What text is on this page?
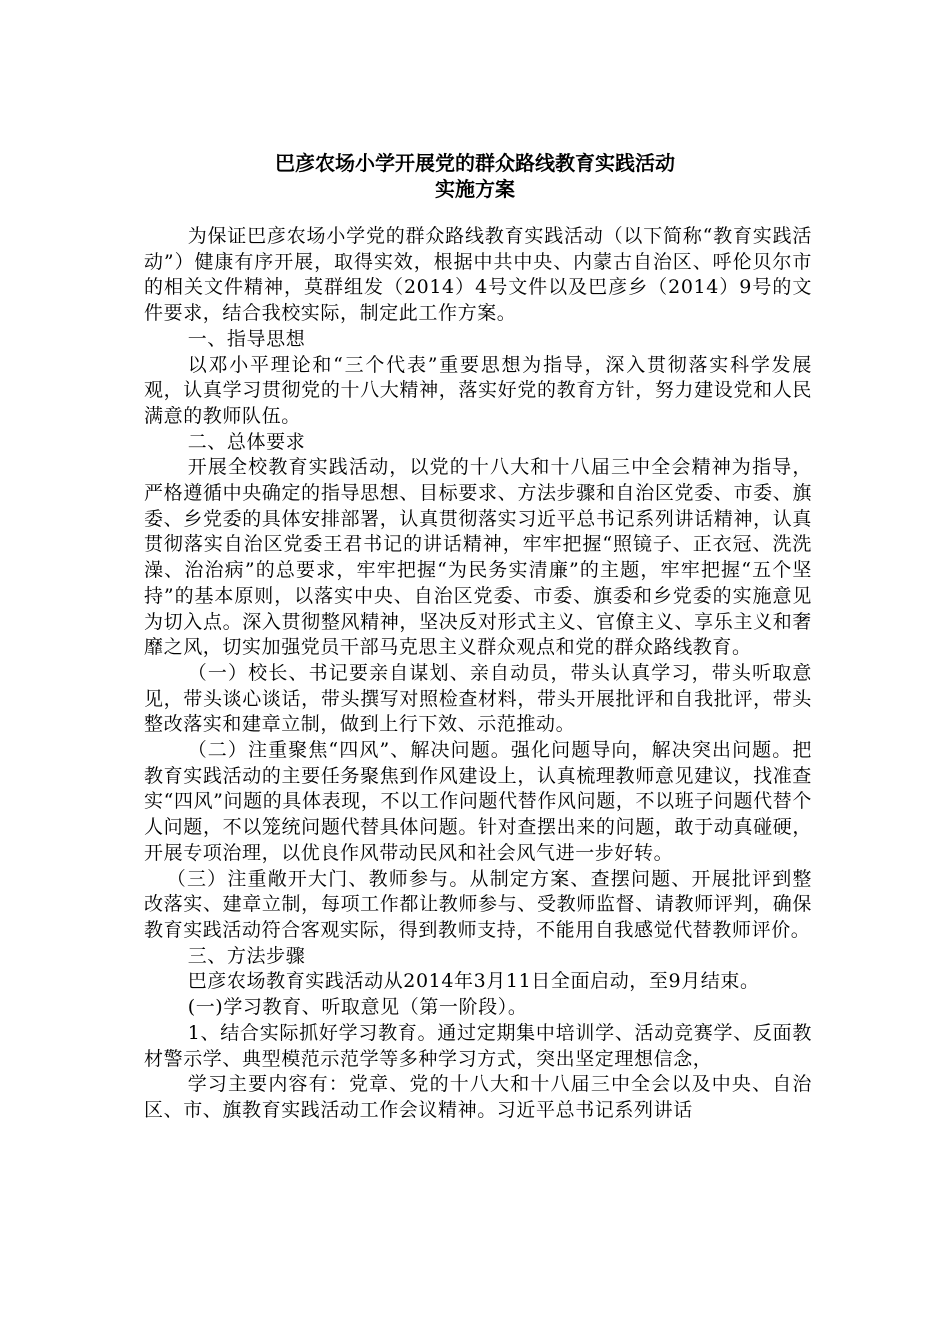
巴彦农场小学开展党的群众路线教育实践活动
实施方案

为保证巴彦农场小学党的群众路线教育实践活动（以下简称“教育实践活动”）健康有序开展，取得实效，根据中共中央、内蒙古自治区、呼伦贝尔市的相关文件精神，莫群组发（2014）4号文件以及巴彦乡（2014）9号的文件要求，结合我校实际，制定此工作方案。

一、指导思想

以邓小平理论和“三个代表”重要思想为指导，深入贯彻落实科学发展观，认真学习贯彻党的十八大精神，落实好党的教育方针，努力建设党和人民满意的教师队伍。

二、总体要求

开展全校教育实践活动，以党的十八大和十八届三中全会精神为指导，严格遵循中央确定的指导思想、目标要求、方法步骤和自治区党委、市委、旗委、乡党委的具体安排部署，认真贯彻落实习近平总书记系列讲话精神，认真贯彻落实自治区党委王君书记的讲话精神，牢牢把握“照镜子、正衣冠、洗洗澡、治治病”的总要求，牢牢把握“为民务实清廉”的主题，牢牢把握“五个坚持”的基本原则，以落实中央、自治区党委、市委、旗委和乡党委的实施意见为切入点。深入贯彻整风精神，坚决反对形式主义、官僚主义、享乐主义和奢靡之风，切实加强党员干部马克思主义群众观点和党的群众路线教育。

（一）校长、书记要亲自谋划、亲自动员，带头认真学习，带头听取意见，带头谈心谈话，带头撰写对照检查材料，带头开展批评和自我批评，带头整改落实和建章立制，做到上行下效、示范推动。

（二）注重聚焦“四风”、解决问题。强化问题导向，解决突出问题。把教育实践活动的主要任务聚焦到作风建设上，认真梳理教师意见建议，找准查实“四风”问题的具体表现，不以工作问题代替作风问题，不以班子问题代替个人问题，不以笼统问题代替具体问题。针对查摆出来的问题，敢于动真碰硬，开展专项治理，以优良作风带动民风和社会风气进一步好转。

（三）注重敞开大门、教师参与。从制定方案、查摆问题、开展批评到整改落实、建章立制，每项工作都让教师参与、受教师监督、请教师评判，确保教育实践活动符合客观实际，得到教师支持，不能用自我感觉代替教师评价。

三、方法步骤

巴彦农场教育实践活动从2014年3月11日全面启动，至9月结束。

(一)学习教育、听取意见（第一阶段）。

1、结合实际抓好学习教育。通过定期集中培训学、活动竞赛学、反面教材警示学、典型模范示范学等多种学习方式，突出坚定理想信念，

学习主要内容有：党章、党的十八大和十八届三中全会以及中央、自治区、市、旗教育实践活动工作会议精神。习近平总书记系列讲话
